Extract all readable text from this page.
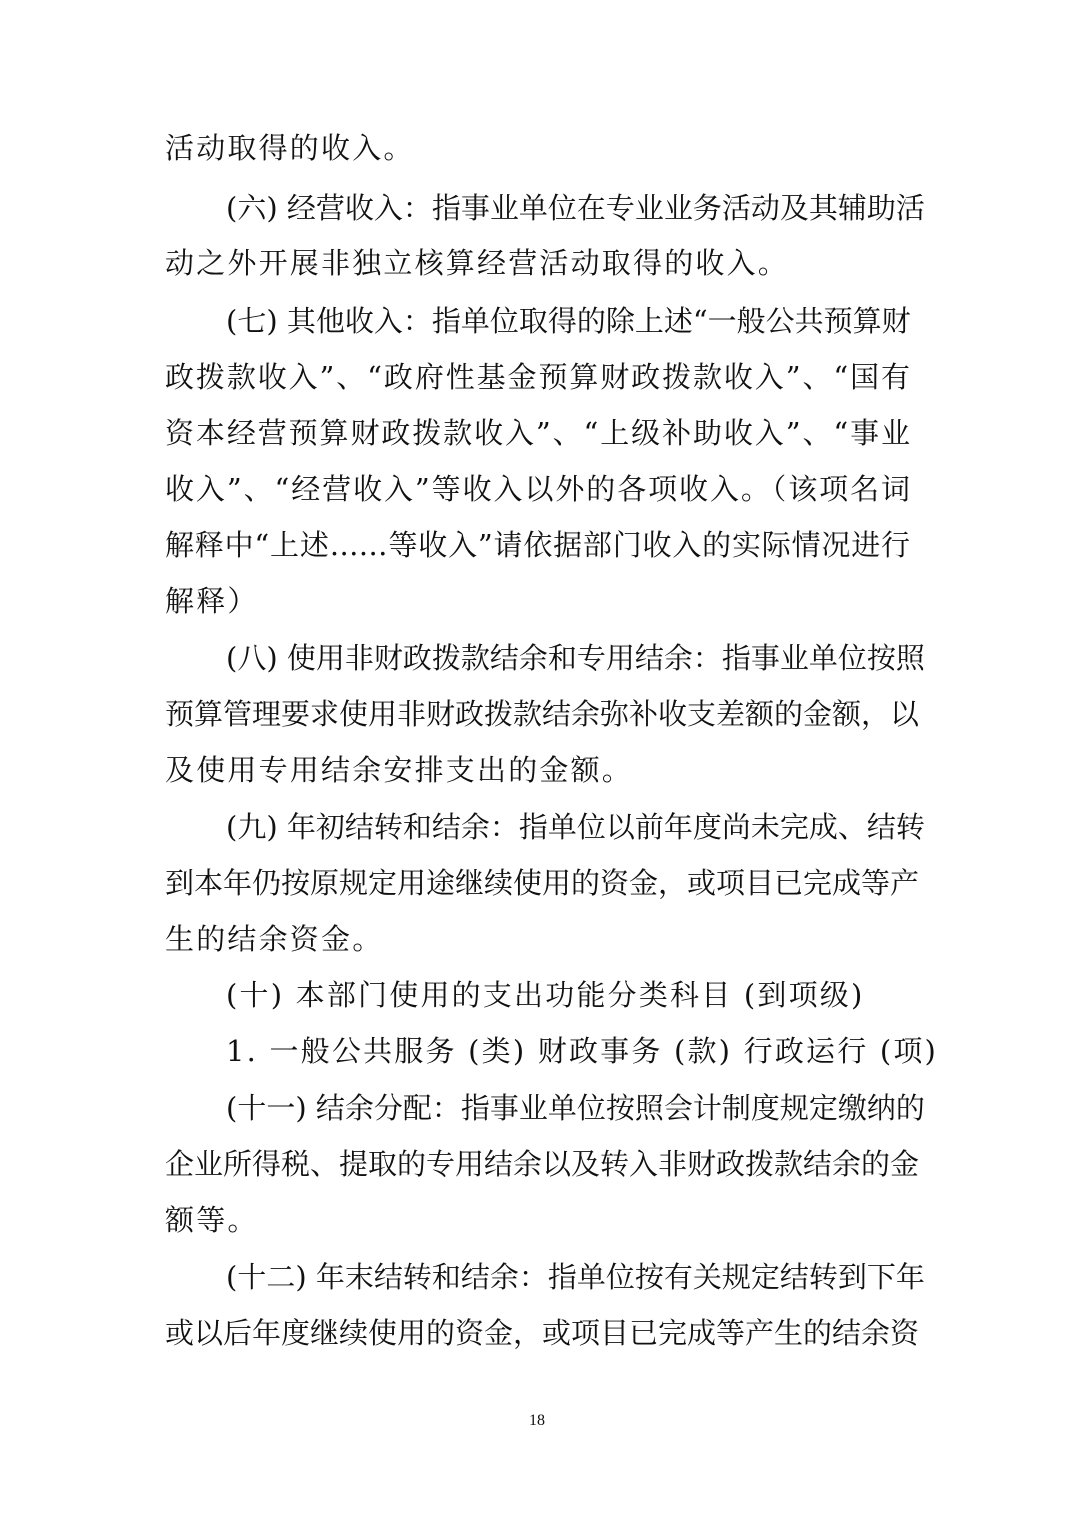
活动取得的收入。
(六) 经营收入：指事业单位在专业业务活动及其辅助活
动之外开展非独立核算经营活动取得的收入。
(七) 其他收入：指单位取得的除上述“一般公共预算财
政拨款收入”、“政府性基金预算财政拨款收入”、“国有
资本经营预算财政拨款收入”、“上级补助收入”、“事业
收入”、“经营收入”等收入以外的各项收入。（该项名词
解释中“上述……等收入”请依据部门收入的实际情况进行
解释）
(八) 使用非财政拨款结余和专用结余：指事业单位按照
预算管理要求使用非财政拨款结余弥补收支差额的金额，以
及使用专用结余安排支出的金额。
(九) 年初结转和结余：指单位以前年度尚未完成、结转
到本年仍按原规定用途继续使用的资金，或项目已完成等产
生的结余资金。
(十) 本部门使用的支出功能分类科目 (到项级)
1. 一般公共服务 (类) 财政事务 (款) 行政运行 (项)
(十一) 结余分配：指事业单位按照会计制度规定缴纳的
企业所得税、提取的专用结余以及转入非财政拨款结余的金
额等。
(十二) 年末结转和结余：指单位按有关规定结转到下年
或以后年度继续使用的资金，或项目已完成等产生的结余资
18
